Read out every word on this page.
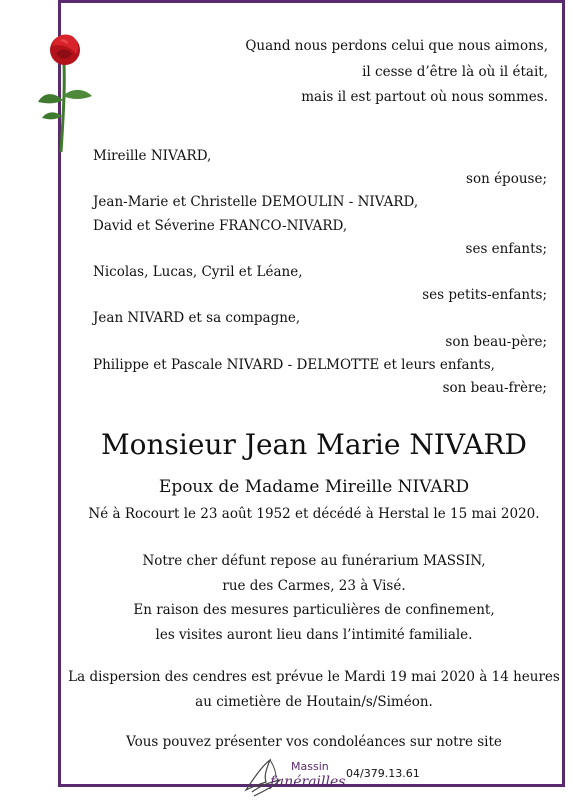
Quand nous perdons celui que nous aimons,
il cesse d’être là où il était,
mais il est partout où nous sommes.
Mireille NIVARD,
son épouse;
Jean-Marie et Christelle DEMOULIN - NIVARD,
David et Séverine FRANCO-NIVARD,
ses enfants;
Nicolas, Lucas, Cyril et Léane,
ses petits-enfants;
Jean NIVARD et sa compagne,
son beau-père;
Philippe et Pascale NIVARD - DELMOTTE et leurs enfants,
son beau-frère;
Monsieur Jean Marie NIVARD
Epoux de Madame Mireille NIVARD
Né à Rocourt le 23 août 1952 et décédé à Herstal le 15 mai 2020.
Notre cher défunt repose au funérarium MASSIN,
rue des Carmes, 23 à Visé.
En raison des mesures particulières de confinement,
les visites auront lieu dans l’intimité familiale.
La dispersion des cendres est prévue le Mardi 19 mai 2020 à 14 heures
au cimetière de Houtain/s/Siméon.
Vous pouvez présenter vos condoléances sur notre site
Massin
funérailles
04/379.13.61
